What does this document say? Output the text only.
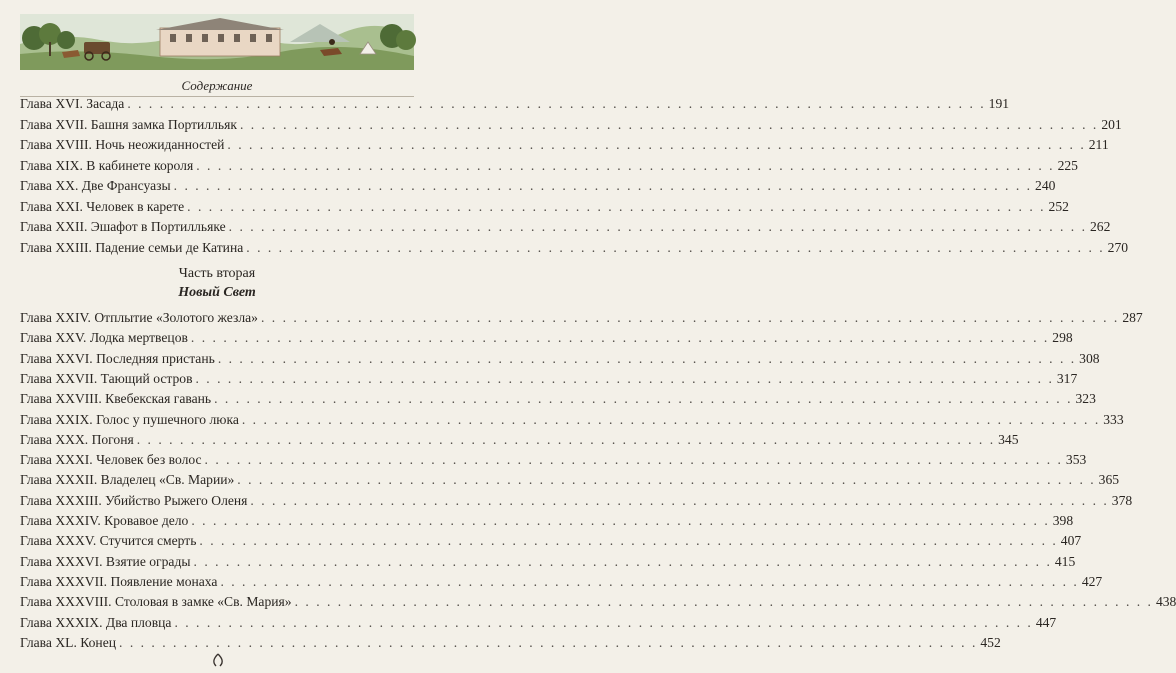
Содержание
Глава XVI. Засада . . . . . . . . . . . . . . . . . . . . . . . . . . . . . . . . . . . . . . . . . . . . . . . . . . . . . . . . . . . . . . . . . . . . . . . . . . . . . . . . 191
Глава XVII. Башня замка Портилльяк . . . . . . . . . . . . . . . . . . . . . . . . . . . . . . . . . . . . . . . . . . . . . . . . . . . . . . . . . . . . . . . . . . . . . . . . . . . . . . . . 201
Глава XVIII. Ночь неожиданностей . . . . . . . . . . . . . . . . . . . . . . . . . . . . . . . . . . . . . . . . . . . . . . . . . . . . . . . . . . . . . . . . . . . . . . . . . . . . . . . . 211
Глава XIX. В кабинете короля . . . . . . . . . . . . . . . . . . . . . . . . . . . . . . . . . . . . . . . . . . . . . . . . . . . . . . . . . . . . . . . . . . . . . . . . . . . . . . . . 225
Глава XX. Две Франсуазы . . . . . . . . . . . . . . . . . . . . . . . . . . . . . . . . . . . . . . . . . . . . . . . . . . . . . . . . . . . . . . . . . . . . . . . . . . . . . . . . 240
Глава XXI. Человек в карете . . . . . . . . . . . . . . . . . . . . . . . . . . . . . . . . . . . . . . . . . . . . . . . . . . . . . . . . . . . . . . . . . . . . . . . . . . . . . . . . 252
Глава XXII. Эшафот в Портилльяке . . . . . . . . . . . . . . . . . . . . . . . . . . . . . . . . . . . . . . . . . . . . . . . . . . . . . . . . . . . . . . . . . . . . . . . . . . . . . . . . 262
Глава XXIII. Падение семьи де Катина . . . . . . . . . . . . . . . . . . . . . . . . . . . . . . . . . . . . . . . . . . . . . . . . . . . . . . . . . . . . . . . . . . . . . . . . . . . . . . . . 270
Часть вторая
Новый Свет
Глава XXIV. Отплытие «Золотого жезла» . . . . . . . . . . . . . . . . . . . . . . . . . . . . . . . . . . . . . . . . . . . . . . . . . . . . . . . . . . . . . . . . . . . . . . . . . . . . . . . . 287
Глава XXV. Лодка мертвецов . . . . . . . . . . . . . . . . . . . . . . . . . . . . . . . . . . . . . . . . . . . . . . . . . . . . . . . . . . . . . . . . . . . . . . . . . . . . . . . . 298
Глава XXVI. Последняя пристань . . . . . . . . . . . . . . . . . . . . . . . . . . . . . . . . . . . . . . . . . . . . . . . . . . . . . . . . . . . . . . . . . . . . . . . . . . . . . . . . 308
Глава XXVII. Тающий остров . . . . . . . . . . . . . . . . . . . . . . . . . . . . . . . . . . . . . . . . . . . . . . . . . . . . . . . . . . . . . . . . . . . . . . . . . . . . . . . . 317
Глава XXVIII. Квебекская гавань . . . . . . . . . . . . . . . . . . . . . . . . . . . . . . . . . . . . . . . . . . . . . . . . . . . . . . . . . . . . . . . . . . . . . . . . . . . . . . . . 323
Глава XXIX. Голос у пушечного люка . . . . . . . . . . . . . . . . . . . . . . . . . . . . . . . . . . . . . . . . . . . . . . . . . . . . . . . . . . . . . . . . . . . . . . . . . . . . . . . . 333
Глава XXX. Погоня . . . . . . . . . . . . . . . . . . . . . . . . . . . . . . . . . . . . . . . . . . . . . . . . . . . . . . . . . . . . . . . . . . . . . . . . . . . . . . . . 345
Глава XXXI. Человек без волос . . . . . . . . . . . . . . . . . . . . . . . . . . . . . . . . . . . . . . . . . . . . . . . . . . . . . . . . . . . . . . . . . . . . . . . . . . . . . . . . 353
Глава XXXII. Владелец «Св. Марии» . . . . . . . . . . . . . . . . . . . . . . . . . . . . . . . . . . . . . . . . . . . . . . . . . . . . . . . . . . . . . . . . . . . . . . . . . . . . . . . . 365
Глава XXXIII. Убийство Рыжего Оленя . . . . . . . . . . . . . . . . . . . . . . . . . . . . . . . . . . . . . . . . . . . . . . . . . . . . . . . . . . . . . . . . . . . . . . . . . . . . . . . . 378
Глава XXXIV. Кровавое дело . . . . . . . . . . . . . . . . . . . . . . . . . . . . . . . . . . . . . . . . . . . . . . . . . . . . . . . . . . . . . . . . . . . . . . . . . . . . . . . . 398
Глава XXXV. Стучится смерть . . . . . . . . . . . . . . . . . . . . . . . . . . . . . . . . . . . . . . . . . . . . . . . . . . . . . . . . . . . . . . . . . . . . . . . . . . . . . . . . 407
Глава XXXVI. Взятие ограды . . . . . . . . . . . . . . . . . . . . . . . . . . . . . . . . . . . . . . . . . . . . . . . . . . . . . . . . . . . . . . . . . . . . . . . . . . . . . . . . 415
Глава XXXVII. Появление монаха . . . . . . . . . . . . . . . . . . . . . . . . . . . . . . . . . . . . . . . . . . . . . . . . . . . . . . . . . . . . . . . . . . . . . . . . . . . . . . . . 427
Глава XXXVIII. Столовая в замке «Св. Мария» . . . . . . . . . . . . . . . . . . . . . . . . . . . . . . . . . . . . . . . . . . . . . . . . . . . . . . . . . . . . . . . . . . . . . . . . . . . . . . . . 438
Глава XXXIX. Два пловца . . . . . . . . . . . . . . . . . . . . . . . . . . . . . . . . . . . . . . . . . . . . . . . . . . . . . . . . . . . . . . . . . . . . . . . . . . . . . . . . 447
Глава XL. Конец . . . . . . . . . . . . . . . . . . . . . . . . . . . . . . . . . . . . . . . . . . . . . . . . . . . . . . . . . . . . . . . . . . . . . . . . . . . . . . . . 452
